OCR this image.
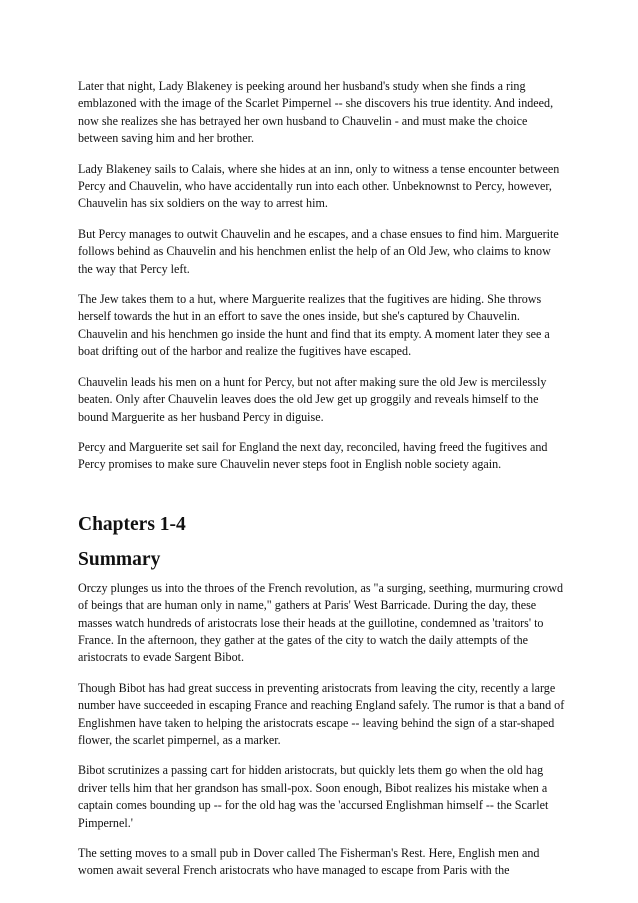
Later that night, Lady Blakeney is peeking around her husband's study when she finds a ring emblazoned with the image of the Scarlet Pimpernel -- she discovers his true identity. And indeed, now she realizes she has betrayed her own husband to Chauvelin - and must make the choice between saving him and her brother.

Lady Blakeney sails to Calais, where she hides at an inn, only to witness a tense encounter between Percy and Chauvelin, who have accidentally run into each other. Unbeknownst to Percy, however, Chauvelin has six soldiers on the way to arrest him.

But Percy manages to outwit Chauvelin and he escapes, and a chase ensues to find him. Marguerite follows behind as Chauvelin and his henchmen enlist the help of an Old Jew, who claims to know the way that Percy left.

The Jew takes them to a hut, where Marguerite realizes that the fugitives are hiding. She throws herself towards the hut in an effort to save the ones inside, but she's captured by Chauvelin. Chauvelin and his henchmen go inside the hunt and find that its empty. A moment later they see a boat drifting out of the harbor and realize the fugitives have escaped.

Chauvelin leads his men on a hunt for Percy, but not after making sure the old Jew is mercilessly beaten. Only after Chauvelin leaves does the old Jew get up groggily and reveals himself to the bound Marguerite as her husband Percy in diguise.

Percy and Marguerite set sail for England the next day, reconciled, having freed the fugitives and Percy promises to make sure Chauvelin never steps foot in English noble society again.

Chapters 1-4
Summary

Orczy plunges us into the throes of the French revolution, as "a surging, seething, murmuring crowd of beings that are human only in name," gathers at Paris' West Barricade. During the day, these masses watch hundreds of aristocrats lose their heads at the guillotine, condemned as 'traitors' to France. In the afternoon, they gather at the gates of the city to watch the daily attempts of the aristocrats to evade Sargent Bibot.

Though Bibot has had great success in preventing aristocrats from leaving the city, recently a large number have succeeded in escaping France and reaching England safely. The rumor is that a band of Englishmen have taken to helping the aristocrats escape -- leaving behind the sign of a star-shaped flower, the scarlet pimpernel, as a marker.

Bibot scrutinizes a passing cart for hidden aristocrats, but quickly lets them go when the old hag driver tells him that her grandson has small-pox. Soon enough, Bibot realizes his mistake when a captain comes bounding up -- for the old hag was the 'accursed Englishman himself -- the Scarlet Pimpernel.'

The setting moves to a small pub in Dover called The Fisherman's Rest. Here, English men and women await several French aristocrats who have managed to escape from Paris with the
